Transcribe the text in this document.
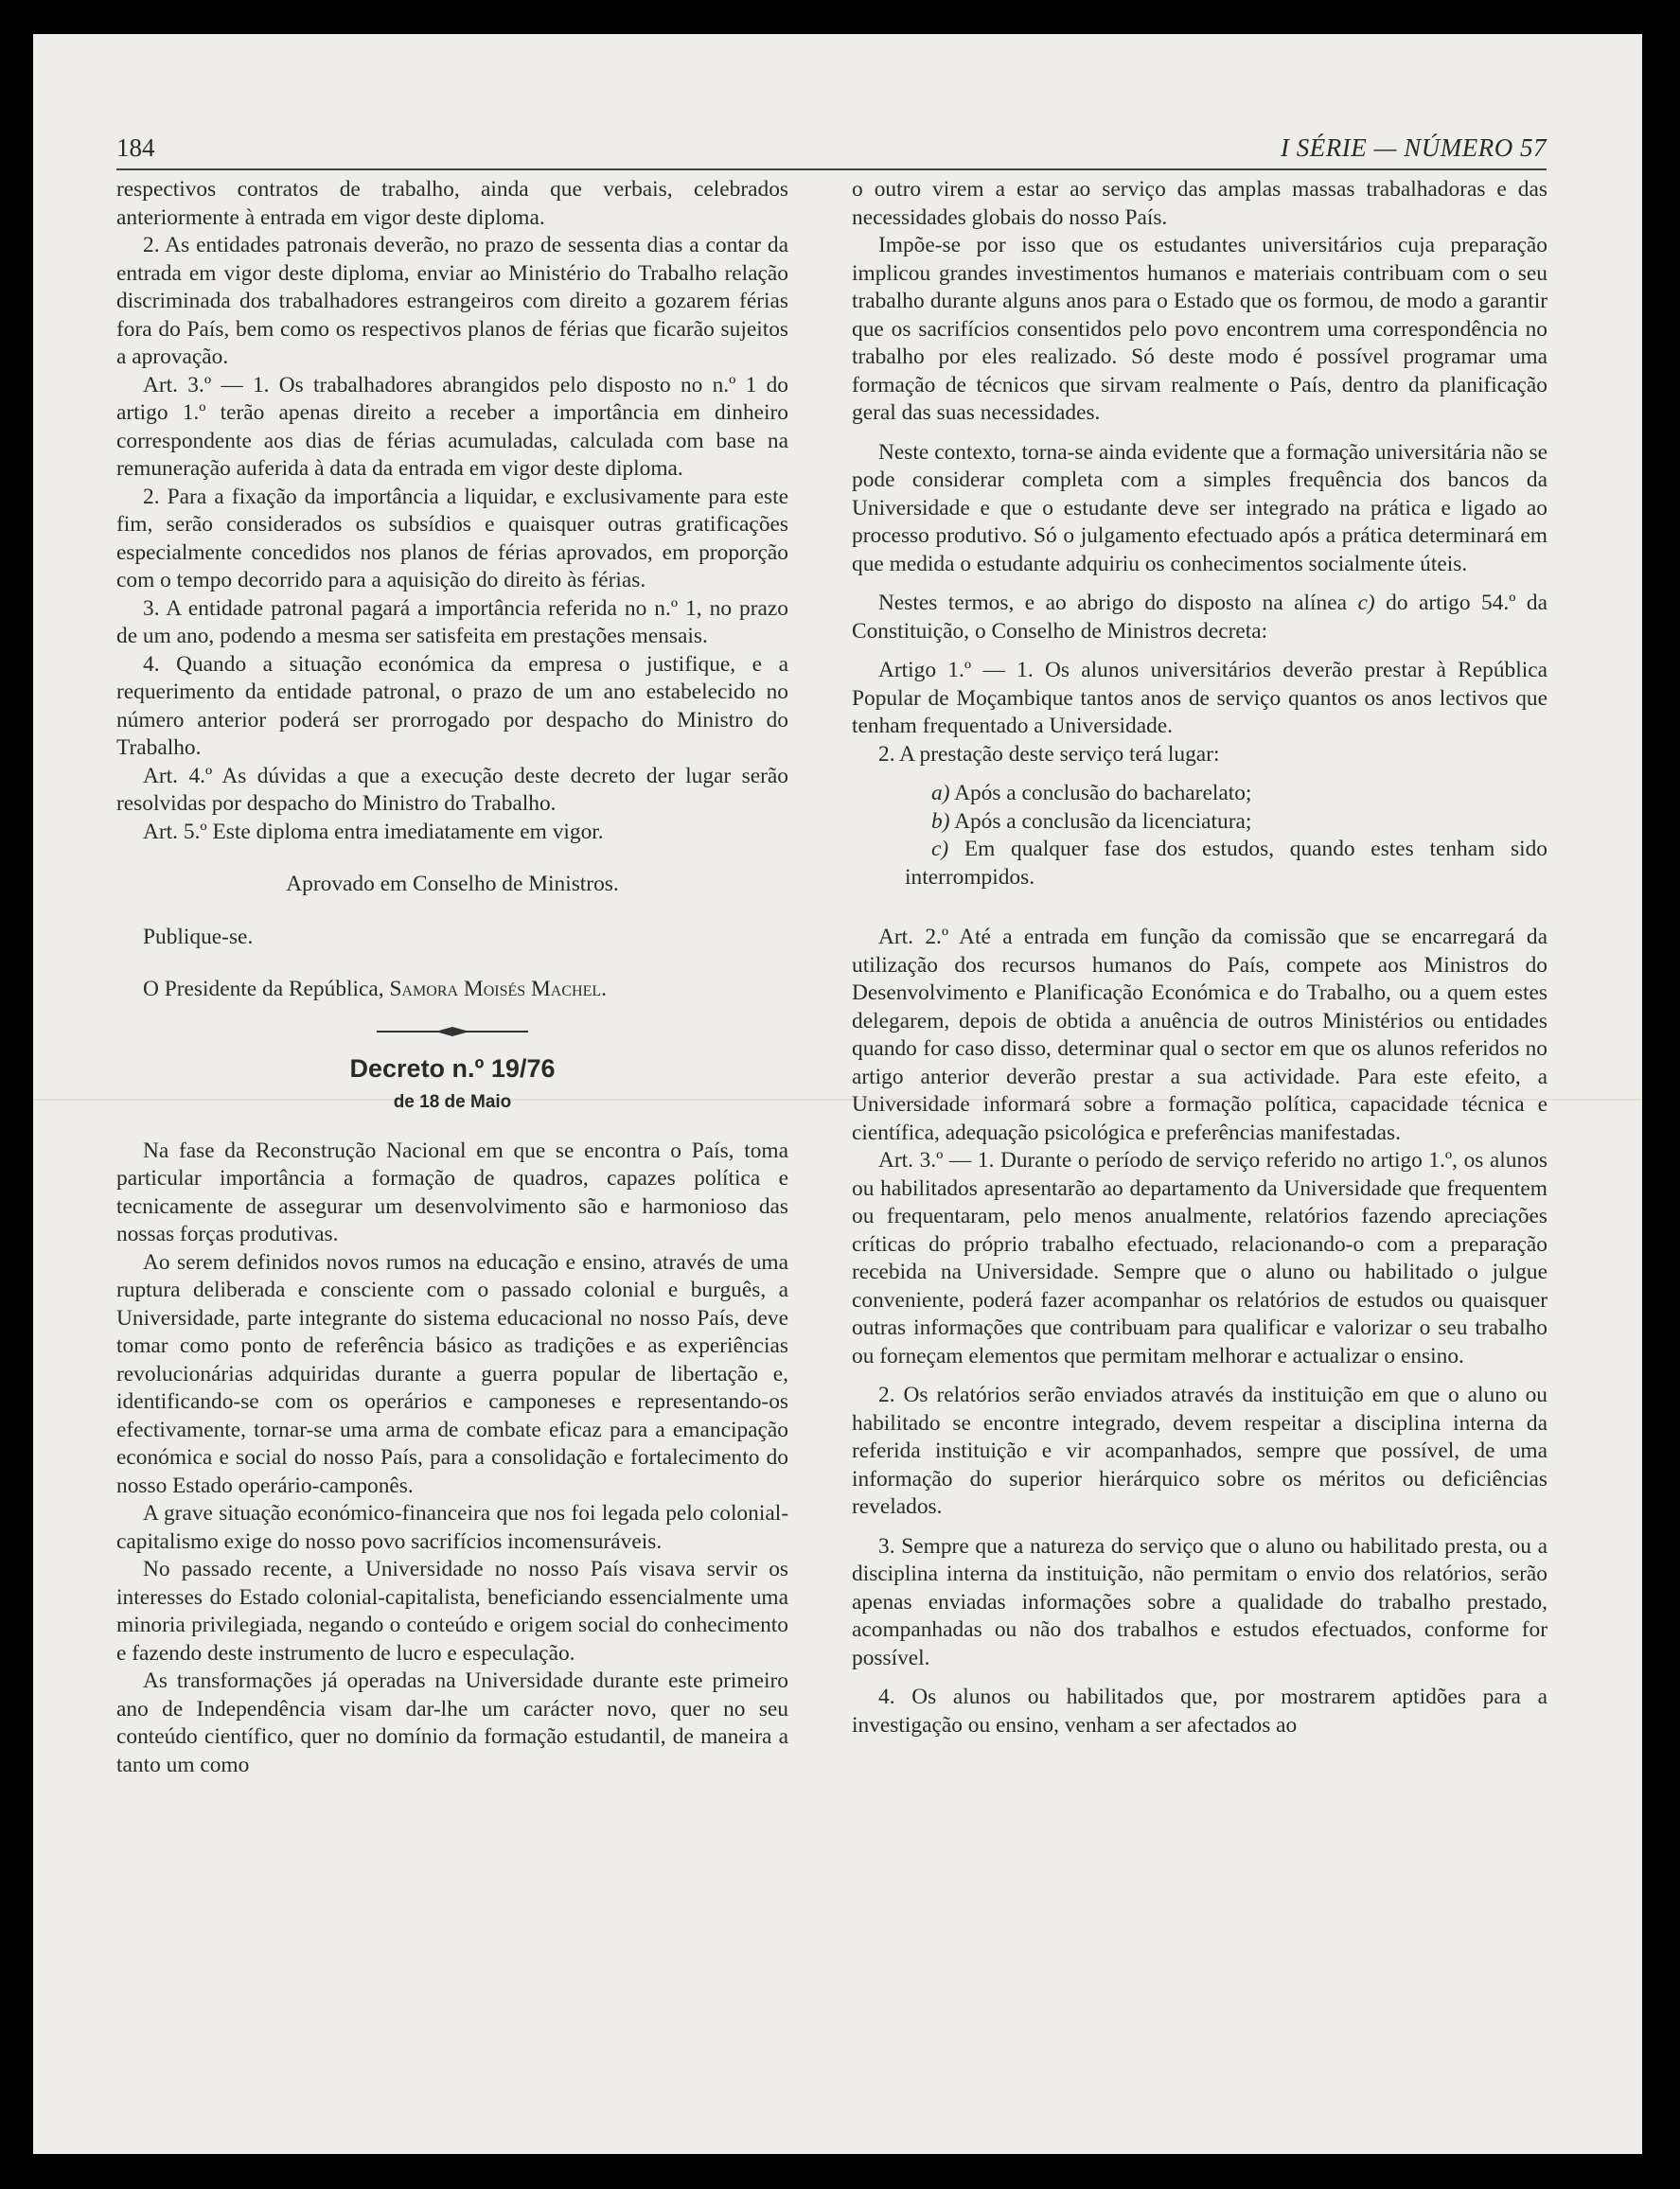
184	I SÉRIE — NÚMERO 57

respectivos contratos de trabalho, ainda que verbais, celebrados anteriormente à entrada em vigor deste diploma.

2. As entidades patronais deverão, no prazo de sessenta dias a contar da entrada em vigor deste diploma, enviar ao Ministério do Trabalho relação discriminada dos trabalhadores estrangeiros com direito a gozarem férias fora do País, bem como os respectivos planos de férias que ficarão sujeitos a aprovação.

Art. 3.º — 1. Os trabalhadores abrangidos pelo disposto no n.º 1 do artigo 1.º terão apenas direito a receber a importância em dinheiro correspondente aos dias de férias acumuladas, calculada com base na remuneração auferida à data da entrada em vigor deste diploma.

2. Para a fixação da importância a liquidar, e exclusivamente para este fim, serão considerados os subsídios e quaisquer outras gratificações especialmente concedidos nos planos de férias aprovados, em proporção com o tempo decorrido para a aquisição do direito às férias.

3. A entidade patronal pagará a importância referida no n.º 1, no prazo de um ano, podendo a mesma ser satisfeita em prestações mensais.

4. Quando a situação económica da empresa o justifique, e a requerimento da entidade patronal, o prazo de um ano estabelecido no número anterior poderá ser prorrogado por despacho do Ministro do Trabalho.

Art. 4.º As dúvidas a que a execução deste decreto der lugar serão resolvidas por despacho do Ministro do Trabalho.

Art. 5.º Este diploma entra imediatamente em vigor.

Aprovado em Conselho de Ministros.

Publique-se.

O Presidente da República, Samora Moisés Machel.

Decreto n.º 19/76
de 18 de Maio

Na fase da Reconstrução Nacional em que se encontra o País, toma particular importância a formação de quadros, capazes política e tecnicamente de assegurar um desenvolvimento são e harmonioso das nossas forças produtivas.

Ao serem definidos novos rumos na educação e ensino, através de uma ruptura deliberada e consciente com o passado colonial e burguês, a Universidade, parte integrante do sistema educacional no nosso País, deve tomar como ponto de referência básico as tradições e as experiências revolucionárias adquiridas durante a guerra popular de libertação e, identificando-se com os operários e camponeses e representando-os efectivamente, tornar-se uma arma de combate eficaz para a emancipação económica e social do nosso País, para a consolidação e fortalecimento do nosso Estado operário-camponês.

A grave situação económico-financeira que nos foi legada pelo colonial-capitalismo exige do nosso povo sacrifícios incomensuráveis.

No passado recente, a Universidade no nosso País visava servir os interesses do Estado colonial-capitalista, beneficiando essencialmente uma minoria privilegiada, negando o conteúdo e origem social do conhecimento e fazendo deste instrumento de lucro e especulação.

As transformações já operadas na Universidade durante este primeiro ano de Independência visam dar-lhe um carácter novo, quer no seu conteúdo científico, quer no domínio da formação estudantil, de maneira a tanto um como

o outro virem a estar ao serviço das amplas massas trabalhadoras e das necessidades globais do nosso País.

Impõe-se por isso que os estudantes universitários cuja preparação implicou grandes investimentos humanos e materiais contribuam com o seu trabalho durante alguns anos para o Estado que os formou, de modo a garantir que os sacrifícios consentidos pelo povo encontrem uma correspondência no trabalho por eles realizado. Só deste modo é possível programar uma formação de técnicos que sirvam realmente o País, dentro da planificação geral das suas necessidades.

Neste contexto, torna-se ainda evidente que a formação universitária não se pode considerar completa com a simples frequência dos bancos da Universidade e que o estudante deve ser integrado na prática e ligado ao processo produtivo. Só o julgamento efectuado após a prática determinará em que medida o estudante adquiriu os conhecimentos socialmente úteis.

Nestes termos, e ao abrigo do disposto na alínea c) do artigo 54.º da Constituição, o Conselho de Ministros decreta:

Artigo 1.º — 1. Os alunos universitários deverão prestar à República Popular de Moçambique tantos anos de serviço quantos os anos lectivos que tenham frequentado a Universidade.

2. A prestação deste serviço terá lugar:

a) Após a conclusão do bacharelato;

b) Após a conclusão da licenciatura;

c) Em qualquer fase dos estudos, quando estes tenham sido interrompidos.

Art. 2.º Até a entrada em função da comissão que se encarregará da utilização dos recursos humanos do País, compete aos Ministros do Desenvolvimento e Planificação Económica e do Trabalho, ou a quem estes delegarem, depois de obtida a anuência de outros Ministérios ou entidades quando for caso disso, determinar qual o sector em que os alunos referidos no artigo anterior deverão prestar a sua actividade. Para este efeito, a Universidade informará sobre a formação política, capacidade técnica e científica, adequação psicológica e preferências manifestadas.

Art. 3.º — 1. Durante o período de serviço referido no artigo 1.º, os alunos ou habilitados apresentarão ao departamento da Universidade que frequentem ou frequentaram, pelo menos anualmente, relatórios fazendo apreciações críticas do próprio trabalho efectuado, relacionando-o com a preparação recebida na Universidade. Sempre que o aluno ou habilitado o julgue conveniente, poderá fazer acompanhar os relatórios de estudos ou quaisquer outras informações que contribuam para qualificar e valorizar o seu trabalho ou forneçam elementos que permitam melhorar e actualizar o ensino.

2. Os relatórios serão enviados através da instituição em que o aluno ou habilitado se encontre integrado, devem respeitar a disciplina interna da referida instituição e vir acompanhados, sempre que possível, de uma informação do superior hierárquico sobre os méritos ou deficiências revelados.

3. Sempre que a natureza do serviço que o aluno ou habilitado presta, ou a disciplina interna da instituição, não permitam o envio dos relatórios, serão apenas enviadas informações sobre a qualidade do trabalho prestado, acompanhadas ou não dos trabalhos e estudos efectuados, conforme for possível.

4. Os alunos ou habilitados que, por mostrarem aptidões para a investigação ou ensino, venham a ser afectados ao
